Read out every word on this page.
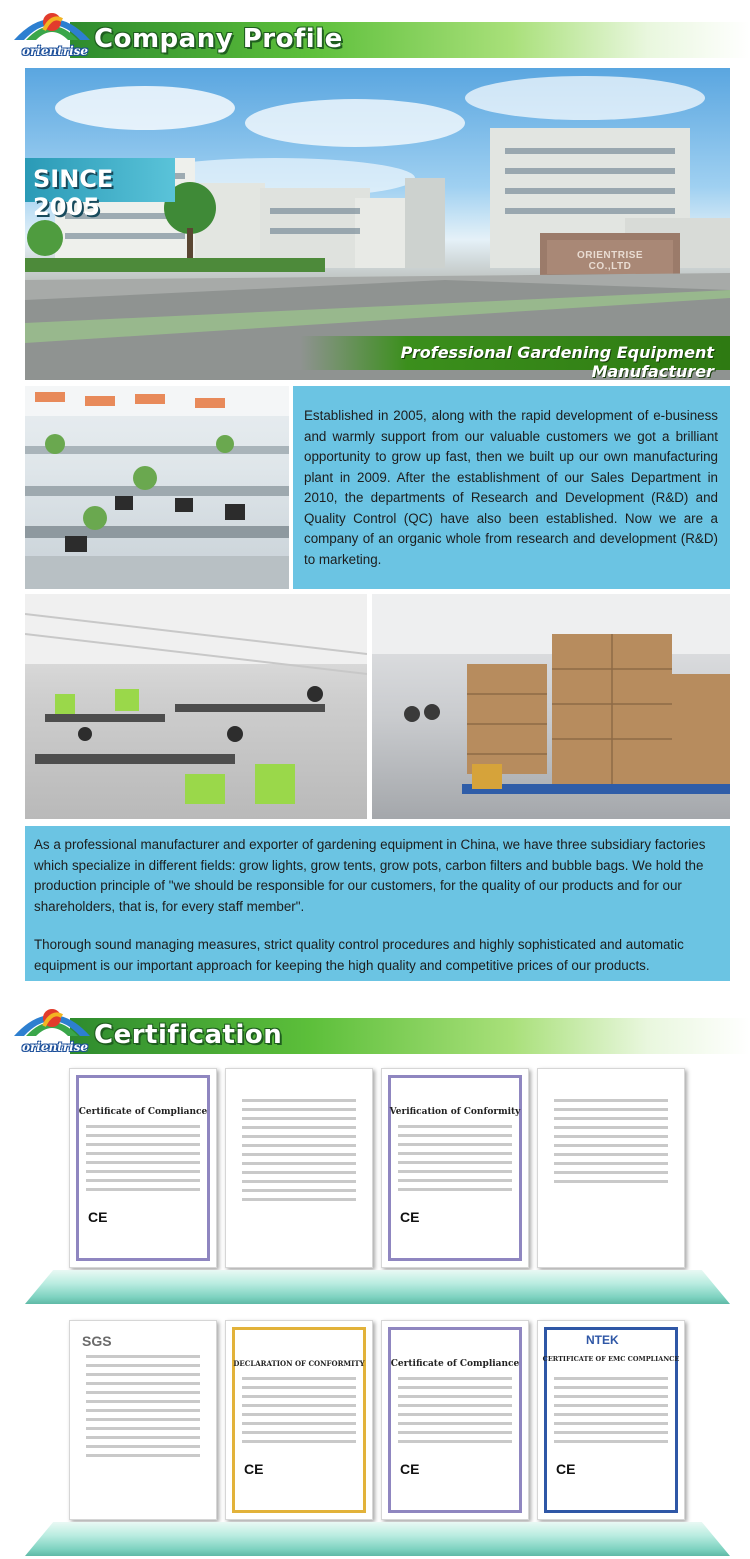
Company Profile
orientrise
ORIENTRISE CO.,LTD
SINCE 2005
Professional Gardening Equipment Manufacturer

Established in 2005, along with the rapid development of e-business and warmly support from our valuable customers we got a brilliant opportunity to grow up fast, then we built up our own manufacturing plant in 2009. After the establishment of our Sales Department in 2010, the departments of Research and Development (R&D) and Quality Control (QC) have also been established. Now we are a company of an organic whole from research and development (R&D) to marketing.

As a professional manufacturer and exporter of gardening equipment in China, we have three subsidiary factories which specialize in different fields: grow lights, grow tents, grow pots, carbon filters and bubble bags. We hold the production principle of "we should be responsible for our customers, for the quality of our products and for our shareholders, that is, for every staff member".

Thorough sound managing measures, strict quality control procedures and highly sophisticated and automatic equipment is our important approach for keeping the high quality and competitive prices of our products.

Certification
orientrise
Certificate of Compliance
CE
Verification of Conformity
CE
SGS
DECLARATION OF CONFORMITY
CE
Certificate of Compliance
CE
NTEK
CERTIFICATE OF EMC COMPLIANCE
CE
